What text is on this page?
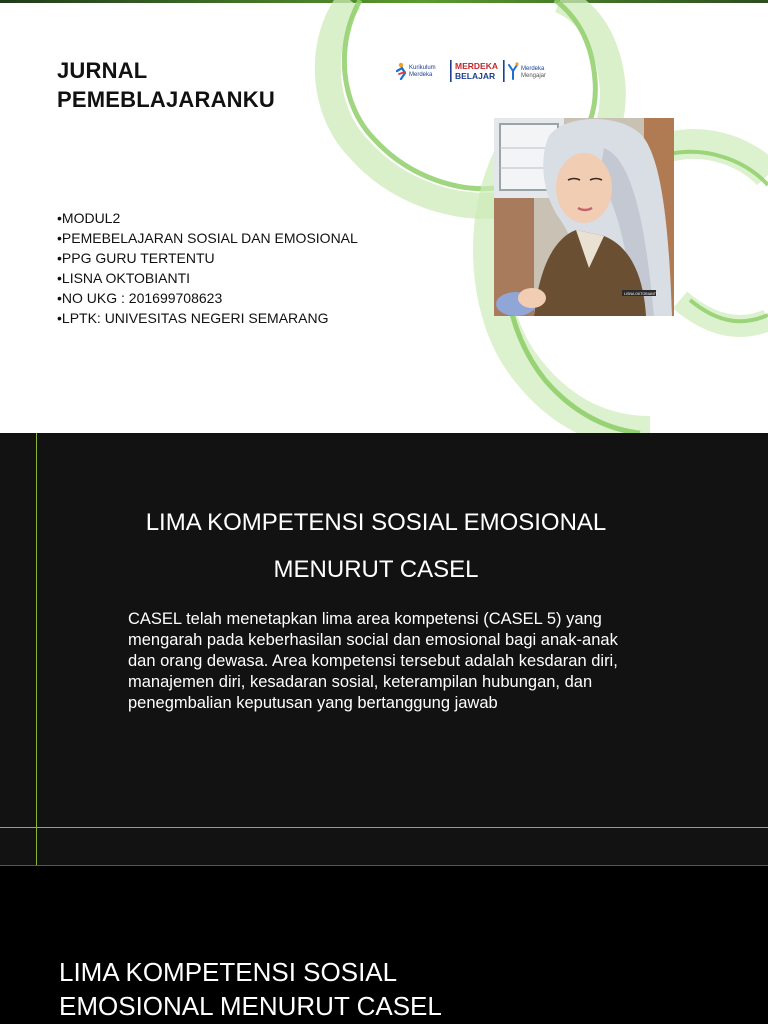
JURNAL
PEMEBLAJARANKU
•MODUL2
•PEMEBELAJARAN SOSIAL DAN EMOSIONAL
•PPG GURU TERTENTU
•LISNA OKTOBIANTI
•NO UKG : 201699708623
•LPTK: UNIVESITAS NEGERI SEMARANG
Kurikulum
Merdeka
MERDEKA
BELAJAR
Merdeka
Mengajar
LISNA OKTOBIANTI
LIMA KOMPETENSI SOSIAL EMOSIONAL
MENURUT CASEL

CASEL telah menetapkan lima area kompetensi (CASEL 5) yang mengarah pada keberhasilan social dan emosional bagi anak-anak dan orang dewasa. Area kompetensi tersebut adalah kesdaran diri, manajemen diri, kesadaran sosial, keterampilan hubungan, dan penegmbalian keputusan yang bertanggung jawab

LIMA KOMPETENSI SOSIAL
EMOSIONAL MENURUT CASEL
